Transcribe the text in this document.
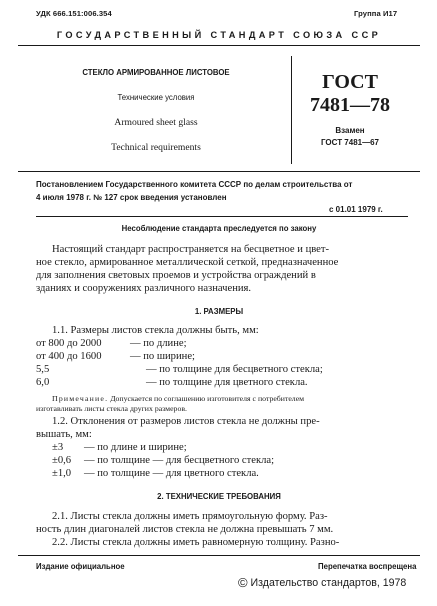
УДК 666.151:006.354	Группа И17
ГОСУДАРСТВЕННЫЙ СТАНДАРТ СОЮЗА ССР
СТЕКЛО АРМИРОВАННОЕ ЛИСТОВОЕ
Технические условия
Armoured sheet glass
Technical requirements
ГОСТ
7481—78
Взамен
ГОСТ 7481—67
Постановлением Государственного комитета СССР по делам строительства от
4 июля 1978 г. № 127 срок введения установлен
с 01.01 1979 г.
Несоблюдение стандарта преследуется по закону
Настоящий стандарт распространяется на бесцветное и цвет-
ное стекло, армированное металлической сеткой, предназначенное
для заполнения световых проемов и устройства ограждений в
зданиях и сооружениях различного назначения.
1. РАЗМЕРЫ
1.1. Размеры листов стекла должны быть, мм:
от 800 до 2000	— по длине;
от 400 до 1600	— по ширине;
5,5	— по толщине для бесцветного стекла;
6,0	— по толщине для цветного стекла.
Примечание. Допускается по соглашению изготовителя с потребителем
изготавливать листы стекла других размеров.
1.2. Отклонения от размеров листов стекла не должны пре-
вышать, мм:
±3 — по длине и ширине;
±0,6 — по толщине — для бесцветного стекла;
±1,0 — по толщине — для цветного стекла.
2. ТЕХНИЧЕСКИЕ ТРЕБОВАНИЯ
2.1. Листы стекла должны иметь прямоугольную форму. Раз-
ность длин диагоналей листов стекла не должна превышать 7 мм.
2.2. Листы стекла должны иметь равномерную толщину. Разно-
Издание официальное	Перепечатка воспрещена
© Издательство стандартов, 1978
